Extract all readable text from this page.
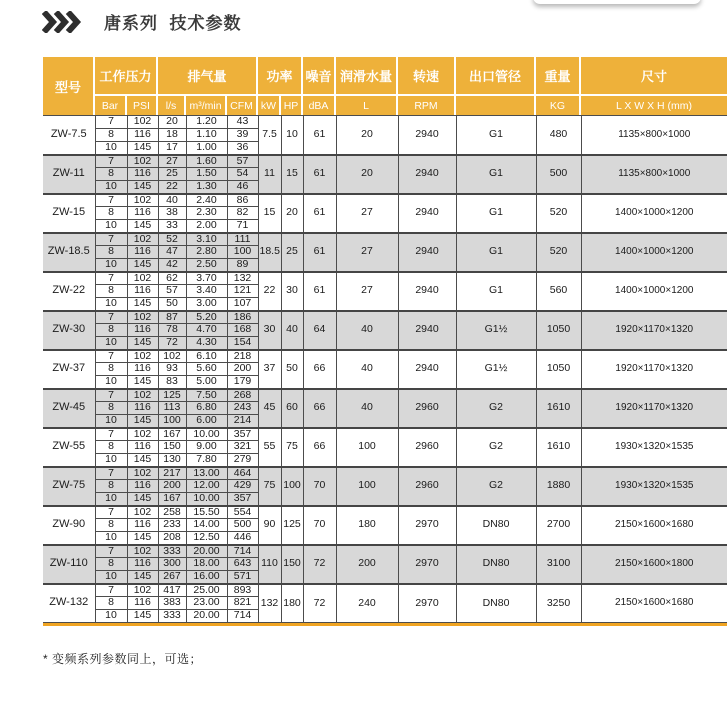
唐系列  技术参数
型号
工作压力	排气量	功率 噪音 润滑水量	转速	出口管径	重量	尺寸
Bar	PSI	l/s	m³/min CFM kW HP dBA	L	RPM	KG	L X W X H (mm)
ZW-7.5	7	102	20	1.20	43	7.5	10	61	20	2940	G1	480	1135×800×1000
	8	116	18	1.10	39								
	10	145	17	1.00	36								
ZW-11	7	102	27	1.60	57	11	15	61	20	2940	G1	500	1135×800×1000
	8	116	25	1.50	54								
	10	145	22	1.30	46								
ZW-15	7	102	40	2.40	86	15	20	61	27	2940	G1	520	1400×1000×1200
	8	116	38	2.30	82								
	10	145	33	2.00	71								
ZW-18.5	7	102	52	3.10	111	18.5	25	61	27	2940	G1	520	1400×1000×1200
	8	116	47	2.80	100								
	10	145	42	2.50	89								
ZW-22	7	102	62	3.70	132	22	30	61	27	2940	G1	560	1400×1000×1200
	8	116	57	3.40	121								
	10	145	50	3.00	107								
ZW-30	7	102	87	5.20	186	30	40	64	40	2940	G1½	1050	1920×1170×1320
	8	116	78	4.70	168								
	10	145	72	4.30	154								
ZW-37	7	102	102	6.10	218	37	50	66	40	2940	G1½	1050	1920×1170×1320
	8	116	93	5.60	200								
	10	145	83	5.00	179								
ZW-45	7	102	125	7.50	268	45	60	66	40	2960	G2	1610	1920×1170×1320
	8	116	113	6.80	243								
	10	145	100	6.00	214								
ZW-55	7	102	167	10.00	357	55	75	66	100	2960	G2	1610	1930×1320×1535
	8	116	150	9.00	321								
	10	145	130	7.80	279								
ZW-75	7	102	217	13.00	464	75	100	70	100	2960	G2	1880	1930×1320×1535
	8	116	200	12.00	429								
	10	145	167	10.00	357								
ZW-90	7	102	258	15.50	554	90	125	70	180	2970	DN80	2700	2150×1600×1680
	8	116	233	14.00	500								
	10	145	208	12.50	446								
ZW-110	7	102	333	20.00	714	110	150	72	200	2970	DN80	3100	2150×1600×1800
	8	116	300	18.00	643								
	10	145	267	16.00	571								
ZW-132	7	102	417	25.00	893	132	180	72	240	2970	DN80	3250	2150×1600×1680
	8	116	383	23.00	821								
	10	145	333	20.00	714								
* 变频系列参数同上，可选；
